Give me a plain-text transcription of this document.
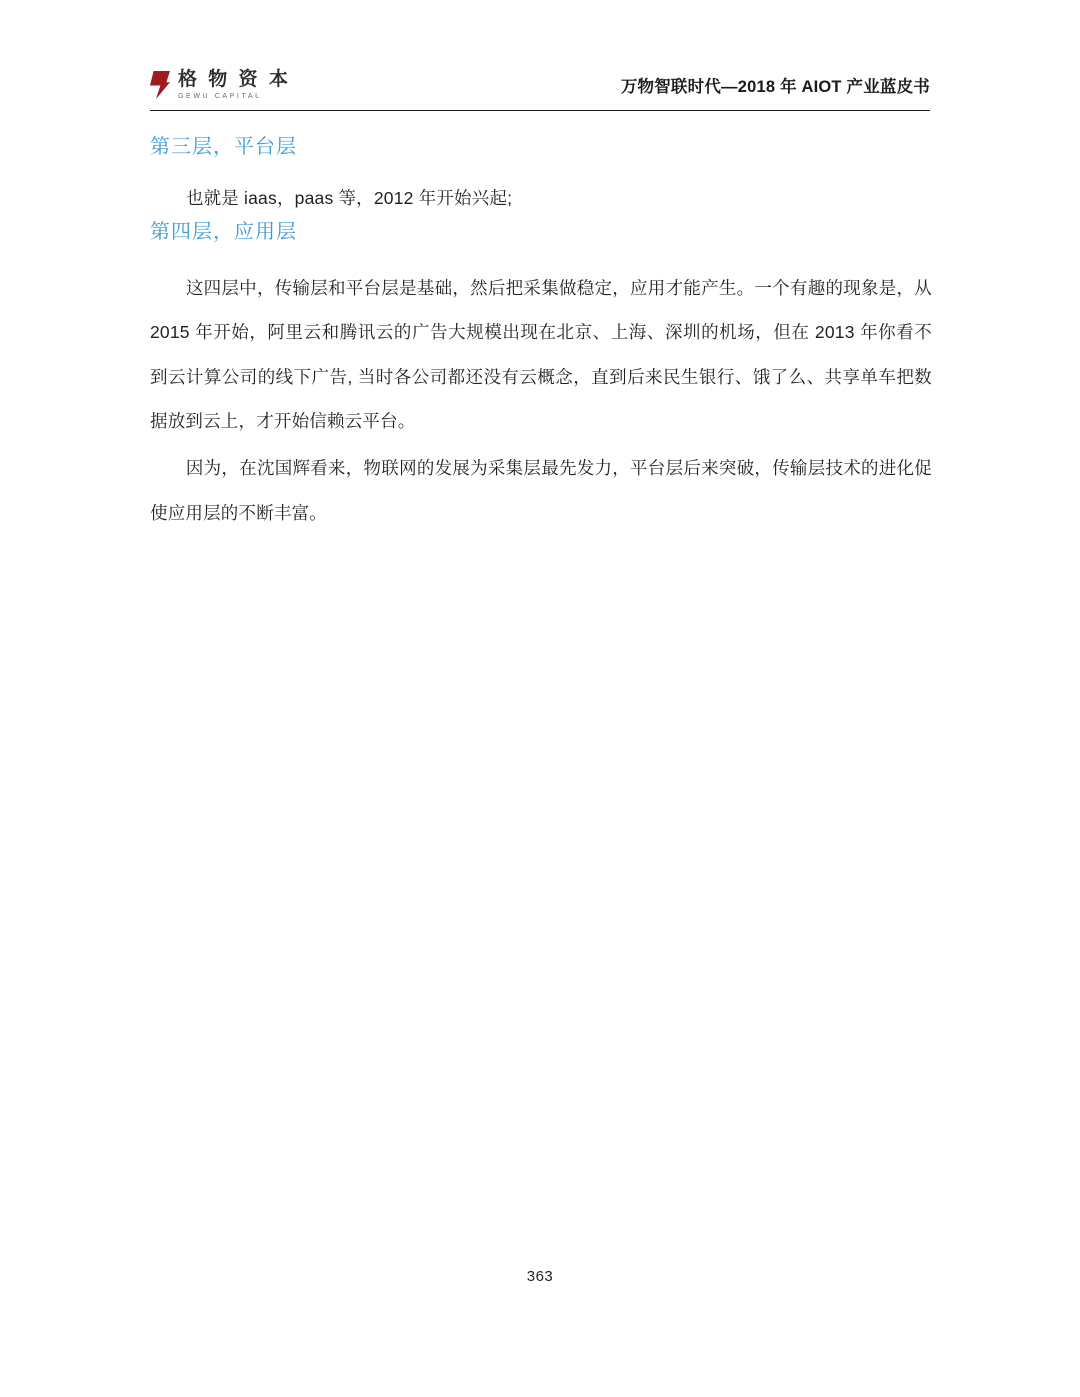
格 物 资 本
GEWU CAPITAL
万物智联时代—2018 年 AIOT 产业蓝皮书
第三层，平台层

也就是 iaas，paas 等，2012 年开始兴起;

第四层，应用层

这四层中，传输层和平台层是基础，然后把采集做稳定，应用才能产生。一个有趣的现象是，从 2015 年开始，阿里云和腾讯云的广告大规模出现在北京、上海、深圳的机场，但在 2013 年你看不到云计算公司的线下广告, 当时各公司都还没有云概念，直到后来民生银行、饿了么、共享单车把数据放到云上，才开始信赖云平台。

因为，在沈国辉看来，物联网的发展为采集层最先发力，平台层后来突破，传输层技术的进化促使应用层的不断丰富。

363
